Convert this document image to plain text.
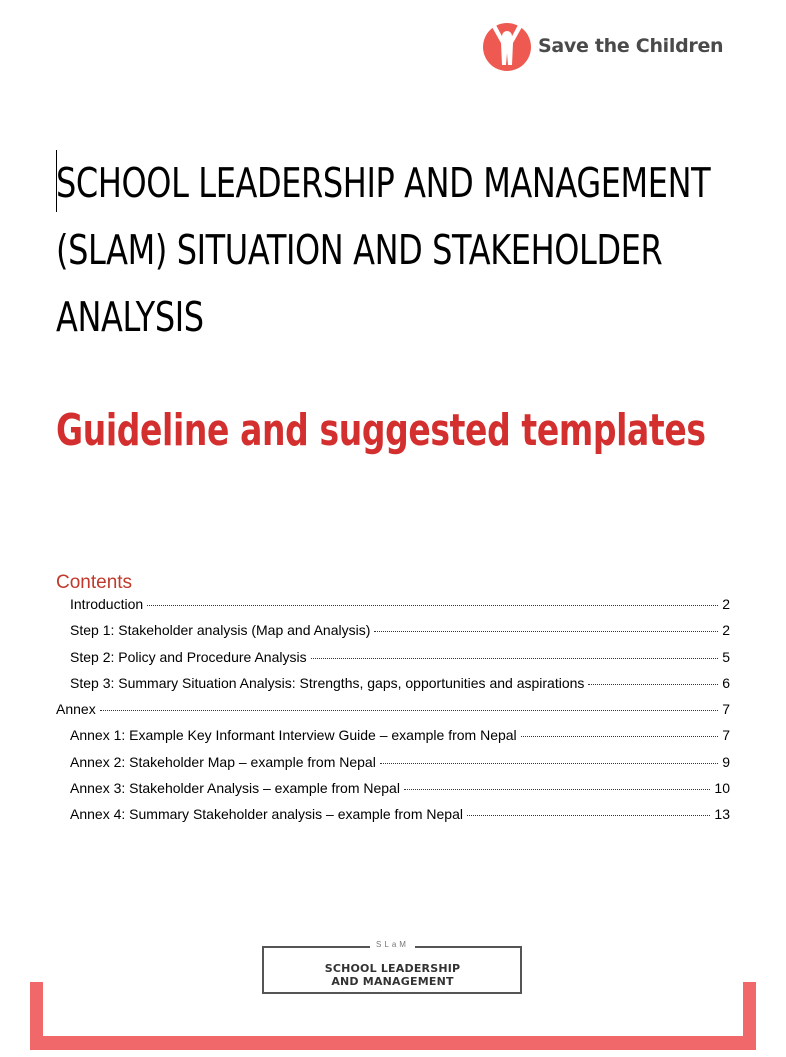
Save the Children
SCHOOL LEADERSHIP AND MANAGEMENT (SLAM) SITUATION AND STAKEHOLDER ANALYSIS
Guideline and suggested templates
Contents
Introduction	2
Step 1: Stakeholder analysis (Map and Analysis)	2
Step 2: Policy and Procedure Analysis	5
Step 3: Summary Situation Analysis: Strengths, gaps, opportunities and aspirations	6
Annex	7
Annex 1: Example Key Informant Interview Guide – example from Nepal	7
Annex 2: Stakeholder Map – example from Nepal	9
Annex 3: Stakeholder Analysis – example from Nepal	10
Annex 4: Summary Stakeholder analysis – example from Nepal	13
SLaM
SCHOOL LEADERSHIP
AND MANAGEMENT
